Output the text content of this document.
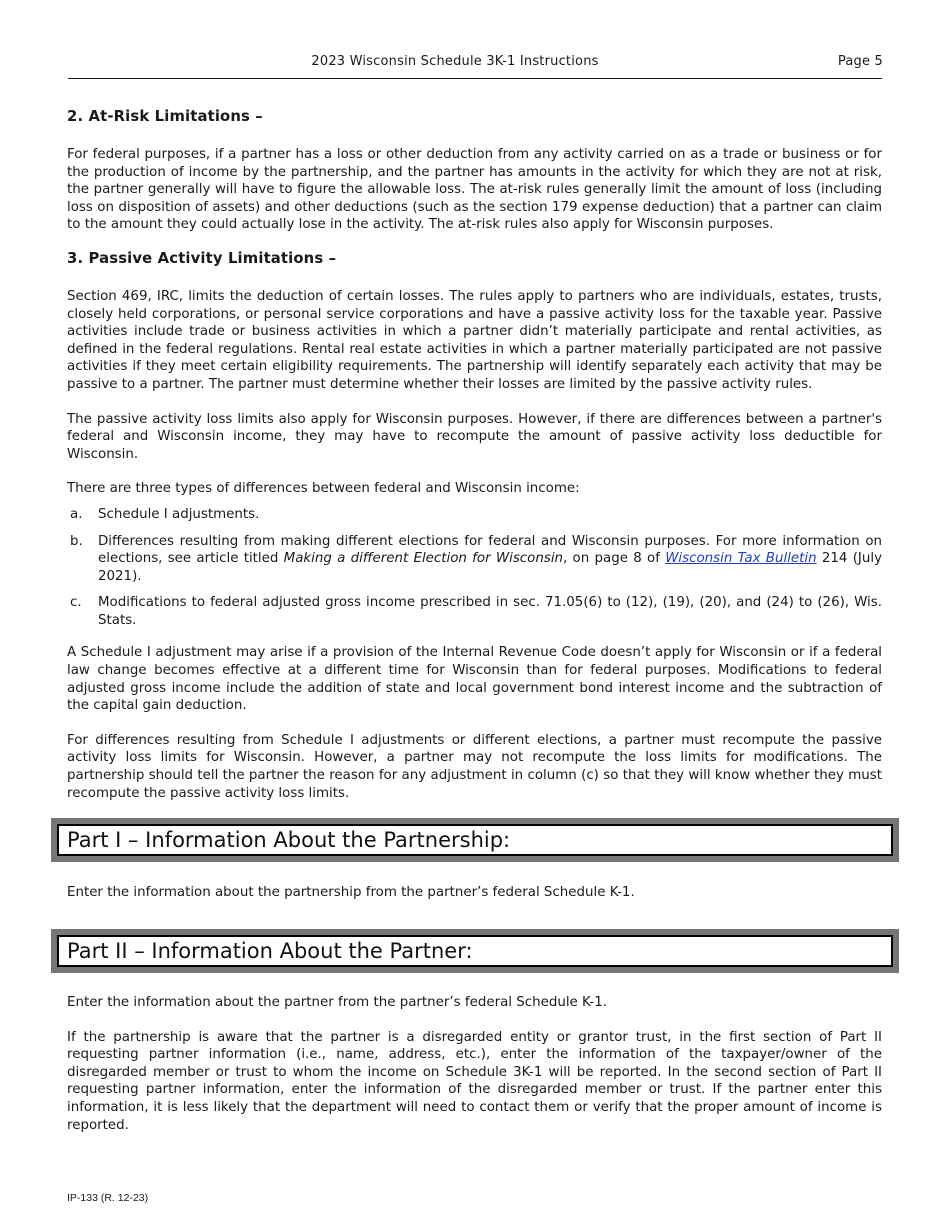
2023 Wisconsin Schedule 3K-1 Instructions	Page 5
2. At-Risk Limitations –

For federal purposes, if a partner has a loss or other deduction from any activity carried on as a trade or business or for the production of income by the partnership, and the partner has amounts in the activity for which they are not at risk, the partner generally will have to figure the allowable loss. The at-risk rules generally limit the amount of loss (including loss on disposition of assets) and other deductions (such as the section 179 expense deduction) that a partner can claim to the amount they could actually lose in the activity. The at-risk rules also apply for Wisconsin purposes.

3. Passive Activity Limitations –

Section 469, IRC, limits the deduction of certain losses. The rules apply to partners who are individuals, estates, trusts, closely held corporations, or personal service corporations and have a passive activity loss for the taxable year. Passive activities include trade or business activities in which a partner didn’t materially participate and rental activities, as defined in the federal regulations. Rental real estate activities in which a partner materially participated are not passive activities if they meet certain eligibility requirements. The partnership will identify separately each activity that may be passive to a partner. The partner must determine whether their losses are limited by the passive activity rules.

The passive activity loss limits also apply for Wisconsin purposes. However, if there are differences between a partner's federal and Wisconsin income, they may have to recompute the amount of passive activity loss deductible for Wisconsin.

There are three types of differences between federal and Wisconsin income:

a. Schedule I adjustments.
b. Differences resulting from making different elections for federal and Wisconsin purposes. For more information on elections, see article titled Making a different Election for Wisconsin, on page 8 of Wisconsin Tax Bulletin 214 (July 2021).
c. Modifications to federal adjusted gross income prescribed in sec. 71.05(6) to (12), (19), (20), and (24) to (26), Wis. Stats.

A Schedule I adjustment may arise if a provision of the Internal Revenue Code doesn’t apply for Wisconsin or if a federal law change becomes effective at a different time for Wisconsin than for federal purposes. Modifications to federal adjusted gross income include the addition of state and local government bond interest income and the subtraction of the capital gain deduction.

For differences resulting from Schedule I adjustments or different elections, a partner must recompute the passive activity loss limits for Wisconsin. However, a partner may not recompute the loss limits for modifications. The partnership should tell the partner the reason for any adjustment in column (c) so that they will know whether they must recompute the passive activity loss limits.

Part I – Information About the Partnership:

Enter the information about the partnership from the partner’s federal Schedule K-1.

Part II – Information About the Partner:

Enter the information about the partner from the partner’s federal Schedule K-1.

If the partnership is aware that the partner is a disregarded entity or grantor trust, in the first section of Part II requesting partner information (i.e., name, address, etc.), enter the information of the taxpayer/owner of the disregarded member or trust to whom the income on Schedule 3K-1 will be reported. In the second section of Part II requesting partner information, enter the information of the disregarded member or trust. If the partner enter this information, it is less likely that the department will need to contact them or verify that the proper amount of income is reported.

IP-133 (R. 12-23)
